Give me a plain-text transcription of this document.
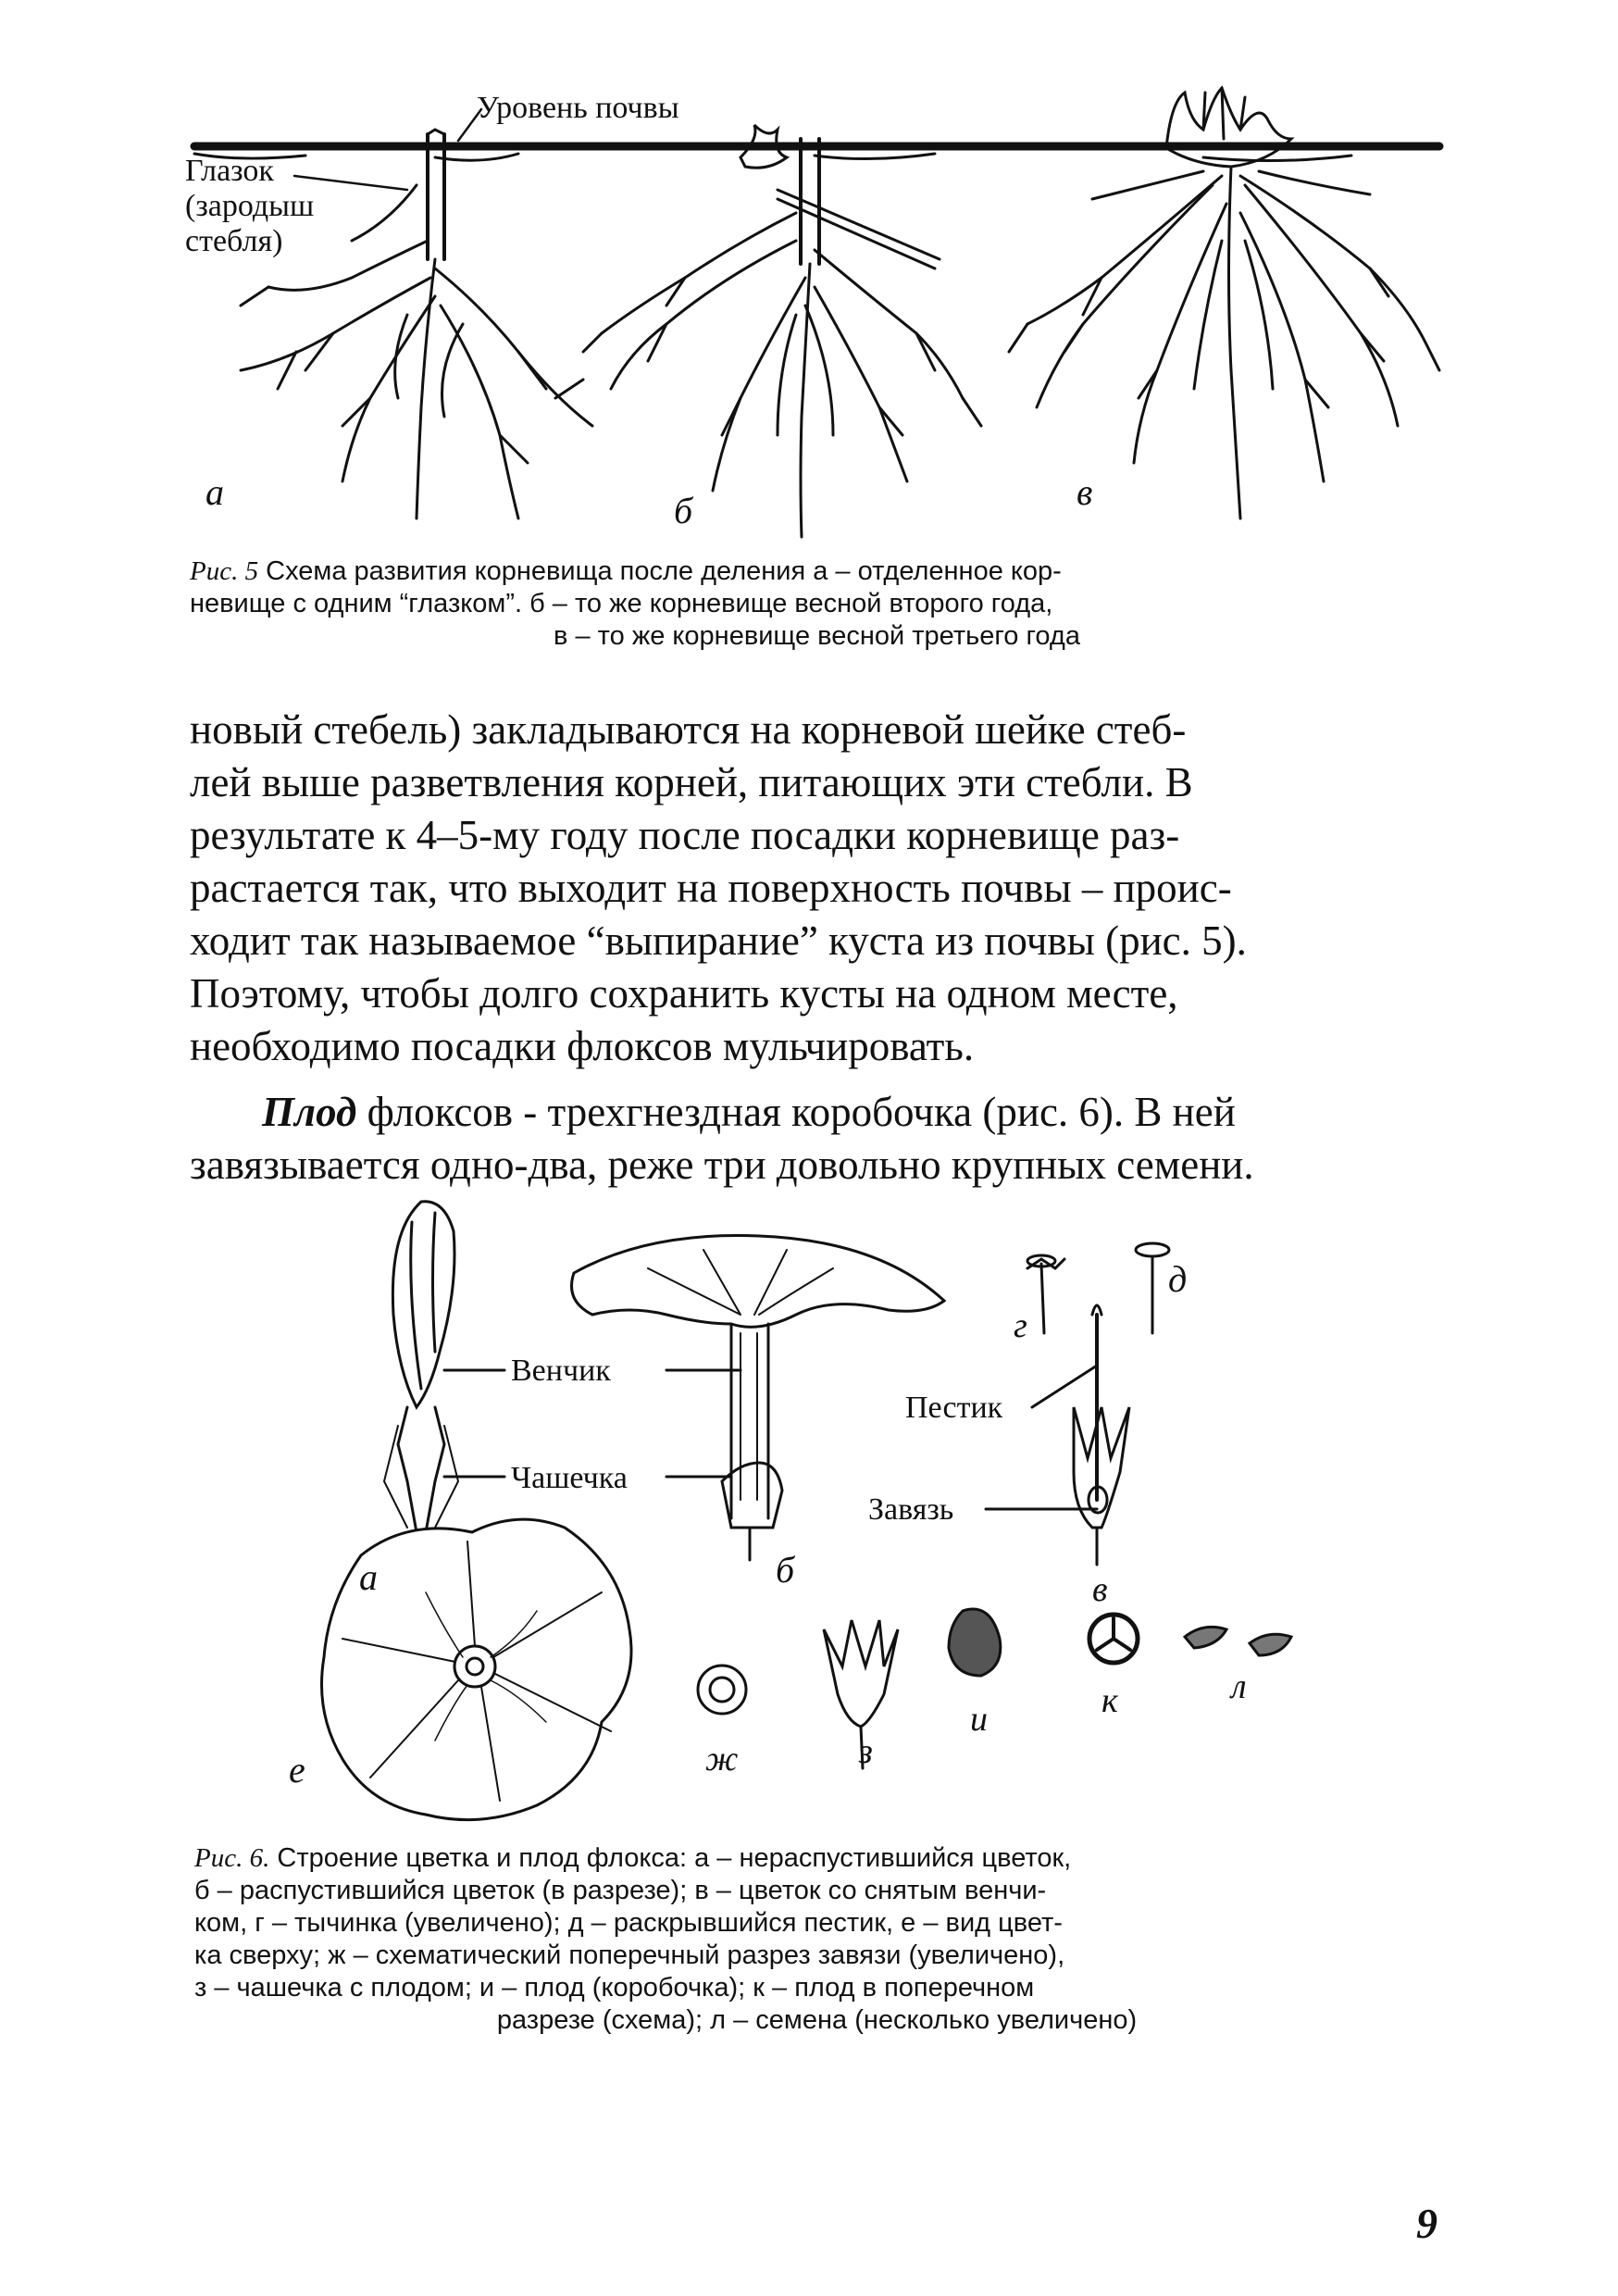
Уровень почвы
Глазок
(зародыш
стебля)
а	б	в
Рис. 5 Схема развития корневища после деления а – отделенное кор-
невище с одним “глазком”. б – то же корневище весной второго года,
в – то же корневище весной третьего года

новый стебель) закладываются на корневой шейке стеб-

лей выше разветвления корней, питающих эти стебли. В

результате к 4–5-му году после посадки корневище раз-

растается так, что выходит на поверхность почвы – проис-

ходит так называемое “выпирание” куста из почвы (рис. 5).

Поэтому, чтобы долго сохранить кусты на одном месте,

необходимо посадки флоксов мульчировать.

Плод флоксов - трехгнездная коробочка (рис. 6). В ней

завязывается одно-два, реже три довольно крупных семени.

Венчик
Чашечка
Пестик
Завязь
а	б	в
г
д
е	ж	з
и	к	л
Рис. 6. Строение цветка и плод флокса: а – нераспустившийся цветок,
б – распустившийся цветок (в разрезе); в – цветок со снятым венчи-
ком, г – тычинка (увеличено); д – раскрывшийся пестик, е – вид цвет-
ка сверху; ж – схематический поперечный разрез завязи (увеличено),
з – чашечка с плодом; и – плод (коробочка); к – плод в поперечном
разрезе (схема); л – семена (несколько увеличено)
9
